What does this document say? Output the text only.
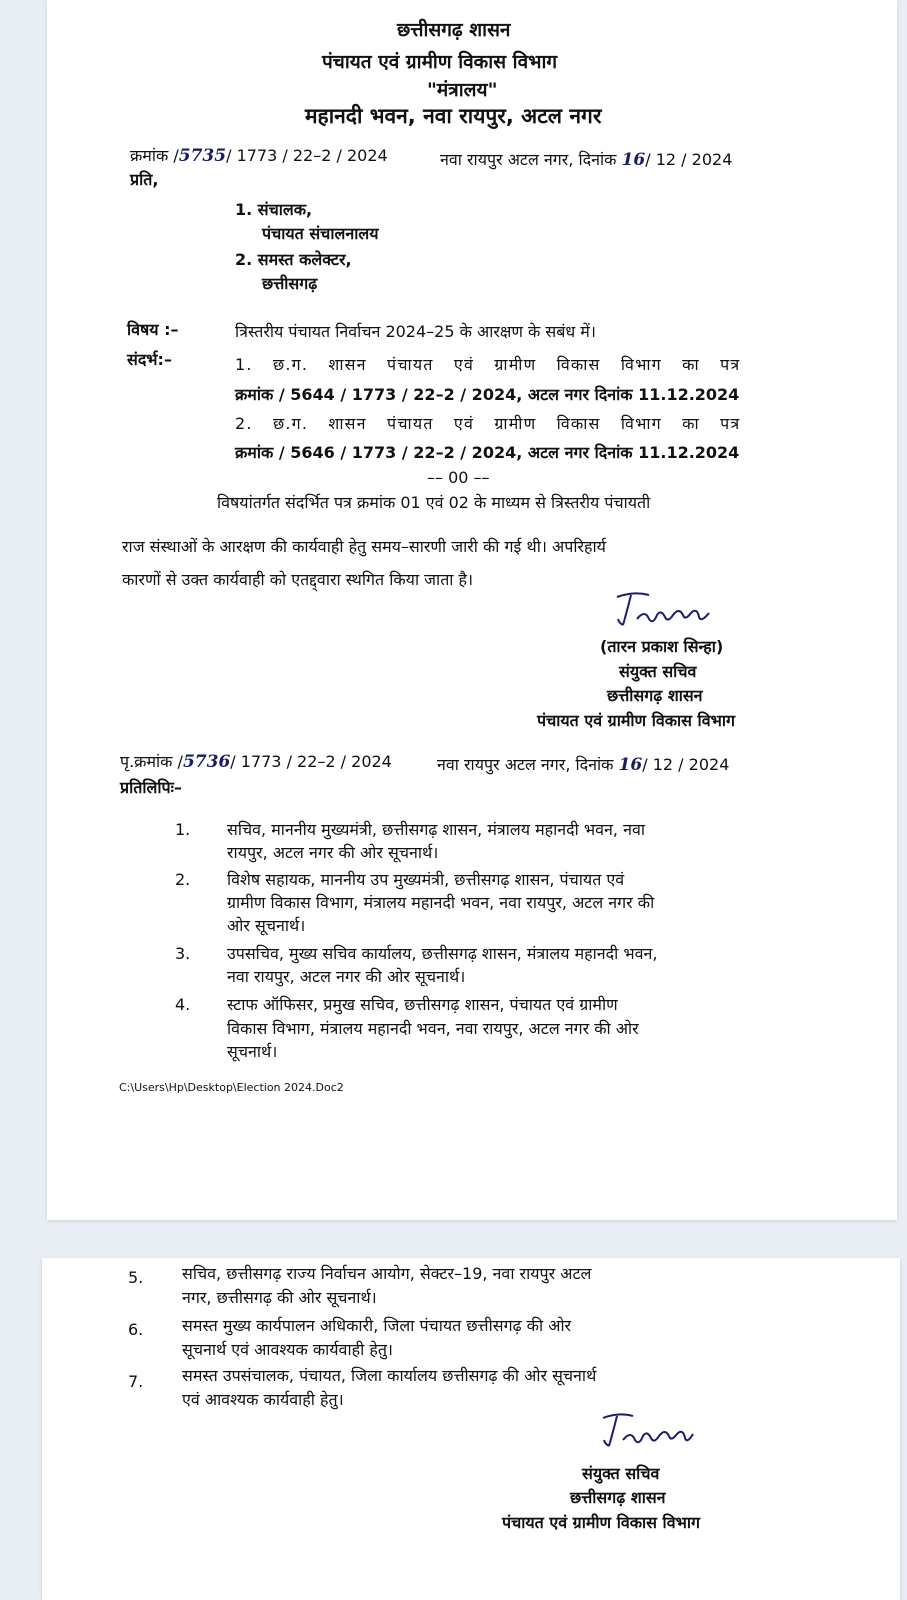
छत्तीसगढ़ शासन
पंचायत एवं ग्रामीण विकास विभाग
"मंत्रालय"
महानदी भवन, नवा रायपुर, अटल नगर
क्रमांक /5735/ 1773 / 22–2 / 2024	नवा रायपुर अटल नगर, दिनांक 16/ 12 / 2024
प्रति,
1. संचालक,
पंचायत संचालनालय
2. समस्त कलेक्टर,
छत्तीसगढ़
विषय :–	त्रिस्तरीय पंचायत निर्वाचन 2024–25 के आरक्षण के सबंध में।
संदर्भ:–	1. छ.ग. शासन पंचायत एवं ग्रामीण विकास विभाग का पत्र
क्रमांक / 5644 / 1773 / 22–2 / 2024, अटल नगर दिनांक 11.12.2024
2. छ.ग. शासन पंचायत एवं ग्रामीण विकास विभाग का पत्र
क्रमांक / 5646 / 1773 / 22–2 / 2024, अटल नगर दिनांक 11.12.2024
–– 00 ––
विषयांतर्गत संदर्भित पत्र क्रमांक 01 एवं 02 के माध्यम से त्रिस्तरीय पंचायती
राज संस्थाओं के आरक्षण की कार्यवाही हेतु समय–सारणी जारी की गई थी। अपरिहार्य
कारणों से उक्त कार्यवाही को एतद्द्वारा स्थगित किया जाता है।
(तारन प्रकाश सिन्हा)
संयुक्त सचिव
छत्तीसगढ़ शासन
पंचायत एवं ग्रामीण विकास विभाग
पृ.क्रमांक /5736/ 1773 / 22–2 / 2024	नवा रायपुर अटल नगर, दिनांक 16/ 12 / 2024
प्रतिलिपिः–
1. सचिव, माननीय मुख्यमंत्री, छत्तीसगढ़ शासन, मंत्रालय महानदी भवन, नवा
रायपुर, अटल नगर की ओर सूचनार्थ।
2. विशेष सहायक, माननीय उप मुख्यमंत्री, छत्तीसगढ़ शासन, पंचायत एवं
ग्रामीण विकास विभाग, मंत्रालय महानदी भवन, नवा रायपुर, अटल नगर की
ओर सूचनार्थ।
3. उपसचिव, मुख्य सचिव कार्यालय, छत्तीसगढ़ शासन, मंत्रालय महानदी भवन,
नवा रायपुर, अटल नगर की ओर सूचनार्थ।
4. स्टाफ ऑफिसर, प्रमुख सचिव, छत्तीसगढ़ शासन, पंचायत एवं ग्रामीण
विकास विभाग, मंत्रालय महानदी भवन, नवा रायपुर, अटल नगर की ओर
सूचनार्थ।
C:\Users\Hp\Desktop\Election 2024.Doc2
5. सचिव, छत्तीसगढ़ राज्य निर्वाचन आयोग, सेक्टर–19, नवा रायपुर अटल
नगर, छत्तीसगढ़ की ओर सूचनार्थ।
6. समस्त मुख्य कार्यपालन अधिकारी, जिला पंचायत छत्तीसगढ़ की ओर
सूचनार्थ एवं आवश्यक कार्यवाही हेतु।
7. समस्त उपसंचालक, पंचायत, जिला कार्यालय छत्तीसगढ़ की ओर सूचनार्थ
एवं आवश्यक कार्यवाही हेतु।
संयुक्त सचिव
छत्तीसगढ़ शासन
पंचायत एवं ग्रामीण विकास विभाग
